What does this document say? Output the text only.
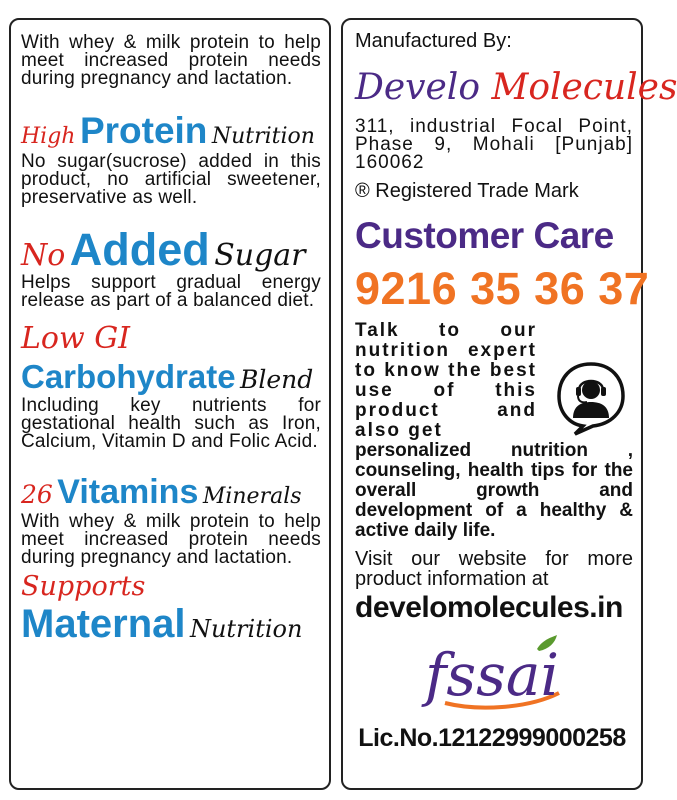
With whey & milk protein to help meet increased protein needs during pregnancy and lactation.

High Protein Nutrition

No sugar(sucrose) added in this product, no artificial sweetener, preservative as well.

No Added Sugar

Helps support gradual energy release as part of a balanced diet.

Low GI
Carbohydrate Blend

Including key nutrients for gestational health such as Iron, Calcium, Vitamin D and Folic Acid.

26 Vitamins Minerals

With whey & milk protein to help meet increased protein needs during pregnancy and lactation.

Supports
Maternal Nutrition
Manufactured By:
Develo Molecules

311, industrial Focal Point, Phase 9, Mohali [Punjab] 160062

® Registered Trade Mark
Customer Care
9216 35 36 37

Talk to our nutrition expert to know the best use of this product and also get

personalized nutrition , counseling, health tips for the overall growth and development of a healthy & active daily life.

Visit our website for more product information at

develomolecules.in
fssai
Lic.No.12122999000258
